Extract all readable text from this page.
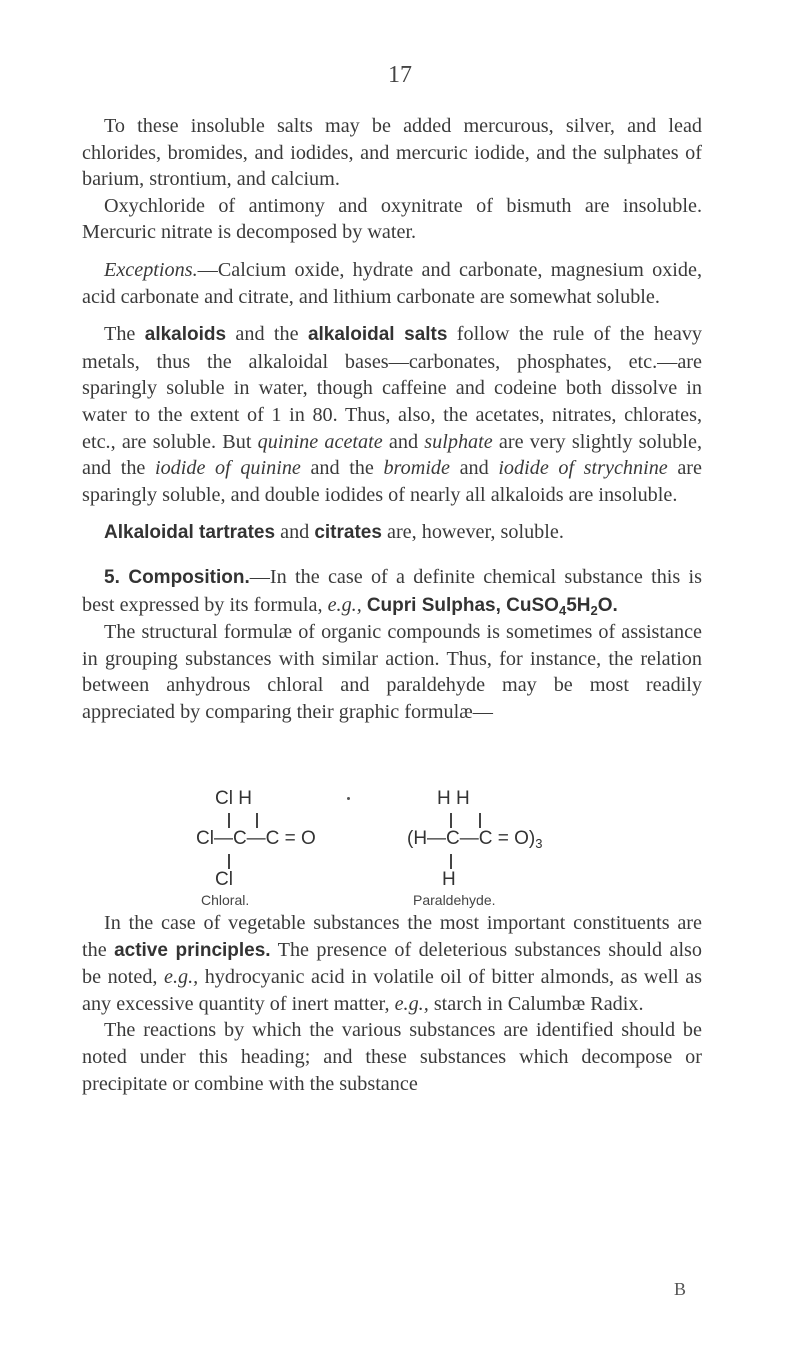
17

To these insoluble salts may be added mercurous, silver, and lead chlorides, bromides, and iodides, and mercuric iodide, and the sulphates of barium, strontium, and calcium.

Oxychloride of antimony and oxynitrate of bismuth are insoluble. Mercuric nitrate is decomposed by water.

Exceptions.—Calcium oxide, hydrate and carbonate, magnesium oxide, acid carbonate and citrate, and lithium carbonate are somewhat soluble.

The alkaloids and the alkaloidal salts follow the rule of the heavy metals, thus the alkaloidal bases—carbonates, phosphates, etc.—are sparingly soluble in water, though caffeine and codeine both dissolve in water to the extent of 1 in 80. Thus, also, the acetates, nitrates, chlorates, etc., are soluble. But quinine acetate and sulphate are very slightly soluble, and the iodide of quinine and the bromide and iodide of strychnine are sparingly soluble, and double iodides of nearly all alkaloids are insoluble.

Alkaloidal tartrates and citrates are, however, soluble.

5. Composition.—In the case of a definite chemical substance this is best expressed by its formula, e.g., Cupri Sulphas, $CuSO_45H_2O$.

The structural formulæ of organic compounds is sometimes of assistance in grouping substances with similar action. Thus, for instance, the relation between anhydrous chloral and paraldehyde may be most readily appreciated by comparing their graphic formulæ—

Cl H
Cl—C—C = O
Cl
Chloral.
H H
(H—C—C = $O)_3$
H
Paraldehyde.

In the case of vegetable substances the most important constituents are the active principles. The presence of deleterious substances should also be noted, e.g., hydrocyanic acid in volatile oil of bitter almonds, as well as any excessive quantity of inert matter, e.g., starch in Calumbæ Radix.

The reactions by which the various substances are identified should be noted under this heading; and these substances which decompose or precipitate or combine with the substance

B
